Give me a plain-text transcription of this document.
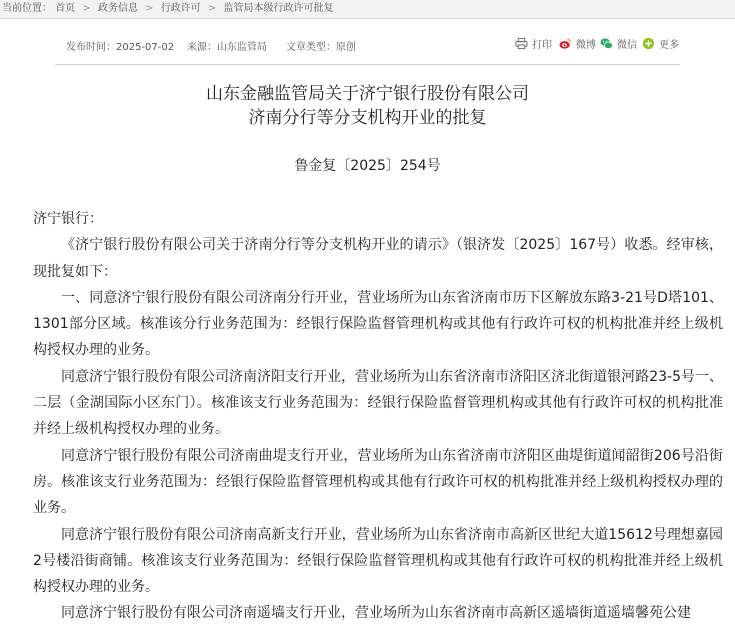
当前位置： 首页 > 政务信息 > 行政许可 > 监管局本级行政许可批复
发布时间：2025-07-02 来源：山东监管局 文章类型：原创	打印 微博 微信 更多
山东金融监管局关于济宁银行股份有限公司
济南分行等分支机构开业的批复
鲁金复〔2025〕254号

济宁银行：

《济宁银行股份有限公司关于济南分行等分支机构开业的请示》（银济发〔2025〕167号）收悉。经审核，现批复如下：

一、同意济宁银行股份有限公司济南分行开业，营业场所为山东省济南市历下区解放东路3-21号D塔101、1301部分区域。核准该分行业务范围为：经银行保险监督管理机构或其他有行政许可权的机构批准并经上级机构授权办理的业务。

同意济宁银行股份有限公司济南济阳支行开业，营业场所为山东省济南市济阳区济北街道银河路23-5号一、二层（金湖国际小区东门）。核准该支行业务范围为：经银行保险监督管理机构或其他有行政许可权的机构批准并经上级机构授权办理的业务。

同意济宁银行股份有限公司济南曲堤支行开业，营业场所为山东省济南市济阳区曲堤街道闻韶街206号沿街房。核准该支行业务范围为：经银行保险监督管理机构或其他有行政许可权的机构批准并经上级机构授权办理的业务。

同意济宁银行股份有限公司济南高新支行开业，营业场所为山东省济南市高新区世纪大道15612号理想嘉园2号楼沿街商铺。核准该支行业务范围为：经银行保险监督管理机构或其他有行政许可权的机构批准并经上级机构授权办理的业务。

同意济宁银行股份有限公司济南遥墙支行开业，营业场所为山东省济南市高新区遥墙街道遥墙馨苑公建
